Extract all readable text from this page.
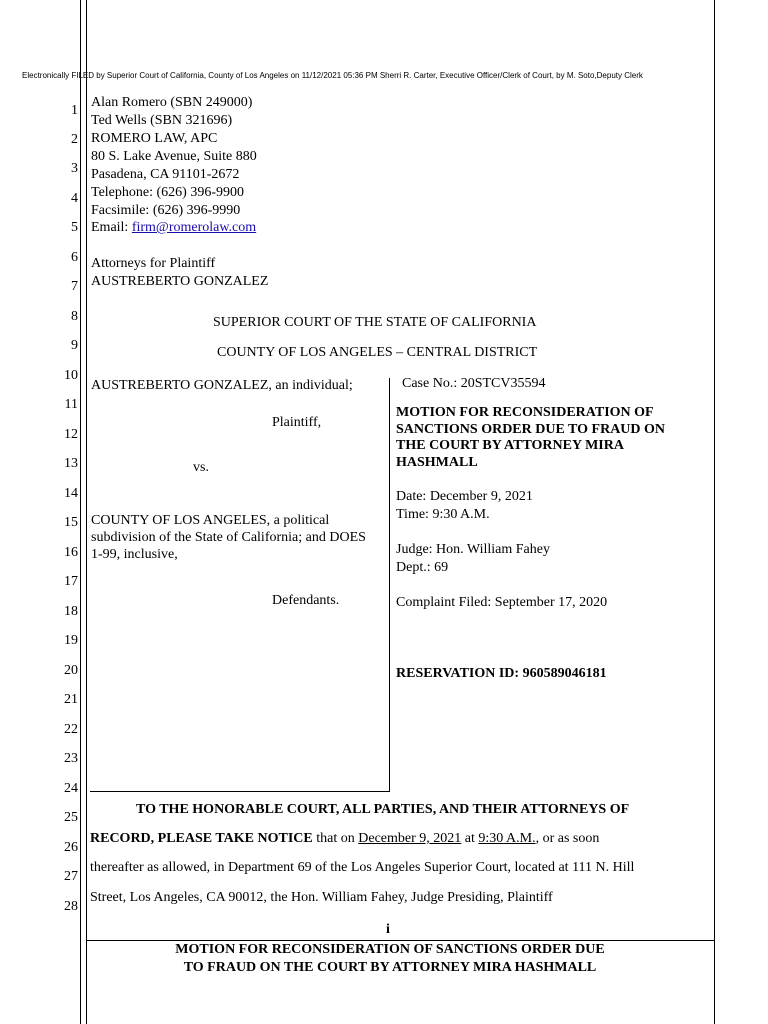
Electronically FILED by Superior Court of California, County of Los Angeles on 11/12/2021 05:36 PM Sherri R. Carter, Executive Officer/Clerk of Court, by M. Soto,Deputy Clerk
1
2
3
4
5
6
7
8
9
10
11
12
13
14
15
16
17
18
19
20
21
22
23
24
25
26
27
28
Alan Romero (SBN 249000)
Ted Wells (SBN 321696)
ROMERO LAW, APC
80 S. Lake Avenue, Suite 880
Pasadena, CA 91101-2672
Telephone: (626) 396-9900
Facsimile: (626) 396-9990
Email: firm@romerolaw.com
Attorneys for Plaintiff
AUSTREBERTO GONZALEZ
SUPERIOR COURT OF THE STATE OF CALIFORNIA
COUNTY OF LOS ANGELES – CENTRAL DISTRICT
AUSTREBERTO GONZALEZ, an individual;
Plaintiff,
vs.
COUNTY OF LOS ANGELES, a political
subdivision of the State of California; and DOES
1-99, inclusive,
Defendants.
Case No.: 20STCV35594
MOTION FOR RECONSIDERATION OF
SANCTIONS ORDER DUE TO FRAUD ON
THE COURT BY ATTORNEY MIRA
HASHMALL
Date: December 9, 2021
Time: 9:30 A.M.
Judge: Hon. William Fahey
Dept.: 69
Complaint Filed: September 17, 2020
RESERVATION ID: 960589046181
TO THE HONORABLE COURT, ALL PARTIES, AND THEIR ATTORNEYS OF
RECORD, PLEASE TAKE NOTICE that on December 9, 2021 at 9:30 A.M., or as soon
thereafter as allowed, in Department 69 of the Los Angeles Superior Court, located at 111 N. Hill
Street, Los Angeles, CA 90012, the Hon. William Fahey, Judge Presiding, Plaintiff
i
MOTION FOR RECONSIDERATION OF SANCTIONS ORDER DUE
TO FRAUD ON THE COURT BY ATTORNEY MIRA HASHMALL
